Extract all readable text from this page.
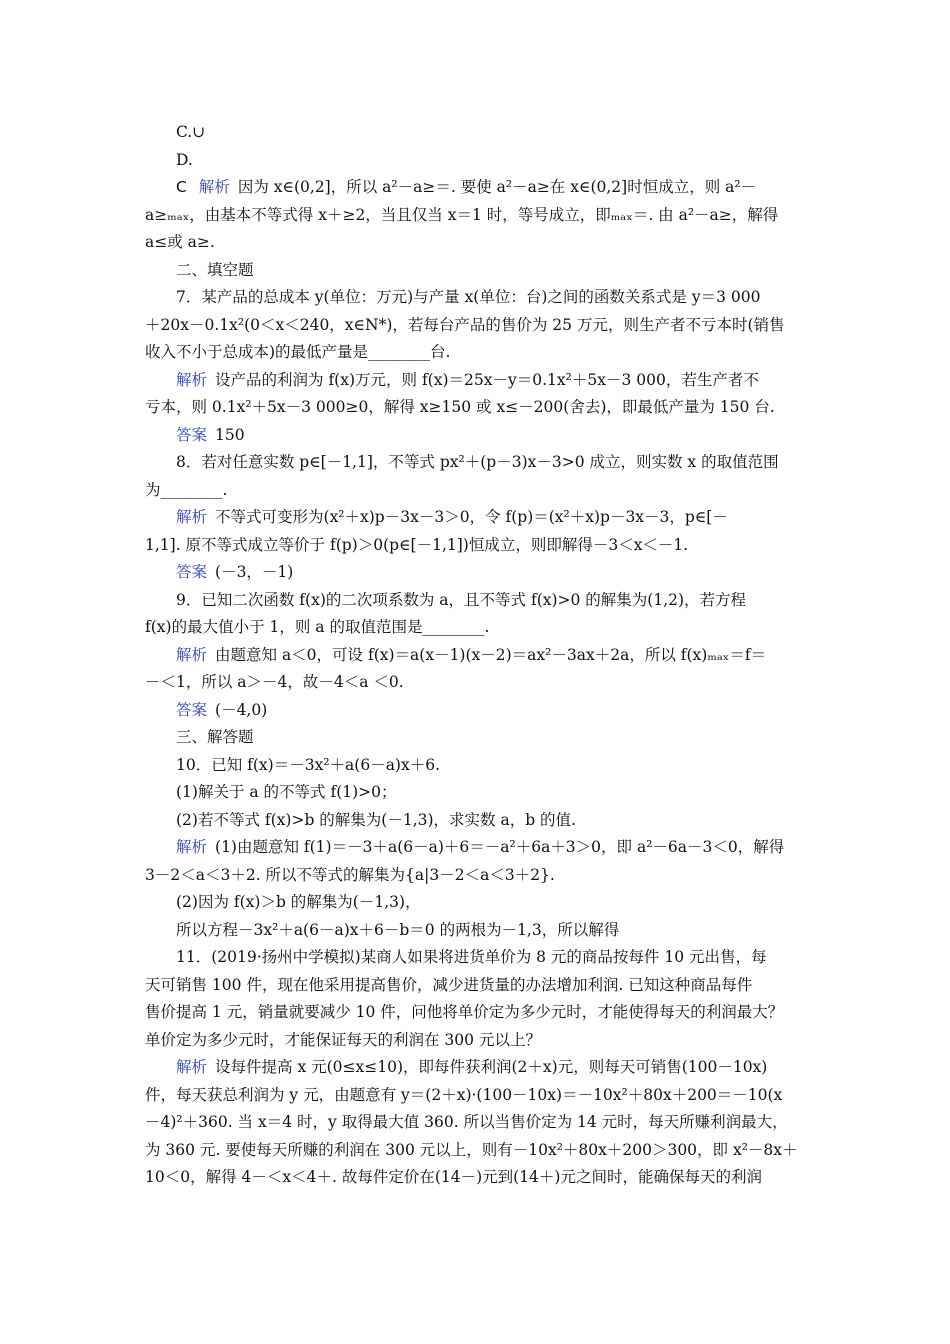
C.∪
D.
C 解析 因为 x∈(0,2]，所以 a²－a≥＝. 要使 a²－a≥在 x∈(0,2]时恒成立，则 a²－
a≥ₘₐₓ，由基本不等式得 x＋≥2，当且仅当 x＝1 时，等号成立，即ₘₐₓ＝. 由 a²－a≥，解得
a≤或 a≥.
二、填空题
7．某产品的总成本 y(单位：万元)与产量 x(单位：台)之间的函数关系式是 y＝3 000
＋20x－0.1x²(0＜x＜240，x∈N*)，若每台产品的售价为 25 万元，则生产者不亏本时(销售
收入不小于总成本)的最低产量是________台.
解析 设产品的利润为 f(x)万元，则 f(x)＝25x－y＝0.1x²＋5x－3 000，若生产者不
亏本，则 0.1x²＋5x－3 000≥0，解得 x≥150 或 x≤－200(舍去)，即最低产量为 150 台.
答案 150
8．若对任意实数 p∈[－1,1]，不等式 px²＋(p－3)x－3>0 成立，则实数 x 的取值范围
为________.
解析 不等式可变形为(x²＋x)p－3x－3＞0，令 f(p)＝(x²＋x)p－3x－3，p∈[－
1,1]. 原不等式成立等价于 f(p)＞0(p∈[－1,1])恒成立，则即解得－3＜x＜－1.
答案 (－3，－1)
9．已知二次函数 f(x)的二次项系数为 a，且不等式 f(x)>0 的解集为(1,2)，若方程
f(x)的最大值小于 1，则 a 的取值范围是________.
解析 由题意知 a＜0，可设 f(x)＝a(x－1)(x－2)＝ax²－3ax＋2a，所以 f(x)ₘₐₓ＝f＝
－＜1，所以 a＞－4，故－4＜a ＜0.
答案 (－4,0)
三、解答题
10．已知 f(x)＝－3x²＋a(6－a)x＋6.
(1)解关于 a 的不等式 f(1)>0；
(2)若不等式 f(x)>b 的解集为(－1,3)，求实数 a，b 的值.
解析 (1)由题意知 f(1)＝－3＋a(6－a)＋6＝－a²＋6a＋3＞0，即 a²－6a－3＜0，解得
3－2＜a＜3＋2. 所以不等式的解集为{a|3－2＜a＜3＋2}.
(2)因为 f(x)＞b 的解集为(－1,3)，
所以方程－3x²＋a(6－a)x＋6－b＝0 的两根为－1,3，所以解得
11．(2019·扬州中学模拟)某商人如果将进货单价为 8 元的商品按每件 10 元出售，每
天可销售 100 件，现在他采用提高售价，减少进货量的办法增加利润. 已知这种商品每件
售价提高 1 元，销量就要减少 10 件，问他将单价定为多少元时，才能使得每天的利润最大？
单价定为多少元时，才能保证每天的利润在 300 元以上？
解析 设每件提高 x 元(0≤x≤10)，即每件获利润(2＋x)元，则每天可销售(100－10x)
件，每天获总利润为 y 元，由题意有 y＝(2＋x)·(100－10x)＝－10x²＋80x＋200＝－10(x
－4)²＋360. 当 x＝4 时，y 取得最大值 360. 所以当售价定为 14 元时，每天所赚利润最大，
为 360 元. 要使每天所赚的利润在 300 元以上，则有－10x²＋80x＋200＞300，即 x²－8x＋
10＜0，解得 4－＜x＜4＋. 故每件定价在(14－)元到(14＋)元之间时，能确保每天的利润
